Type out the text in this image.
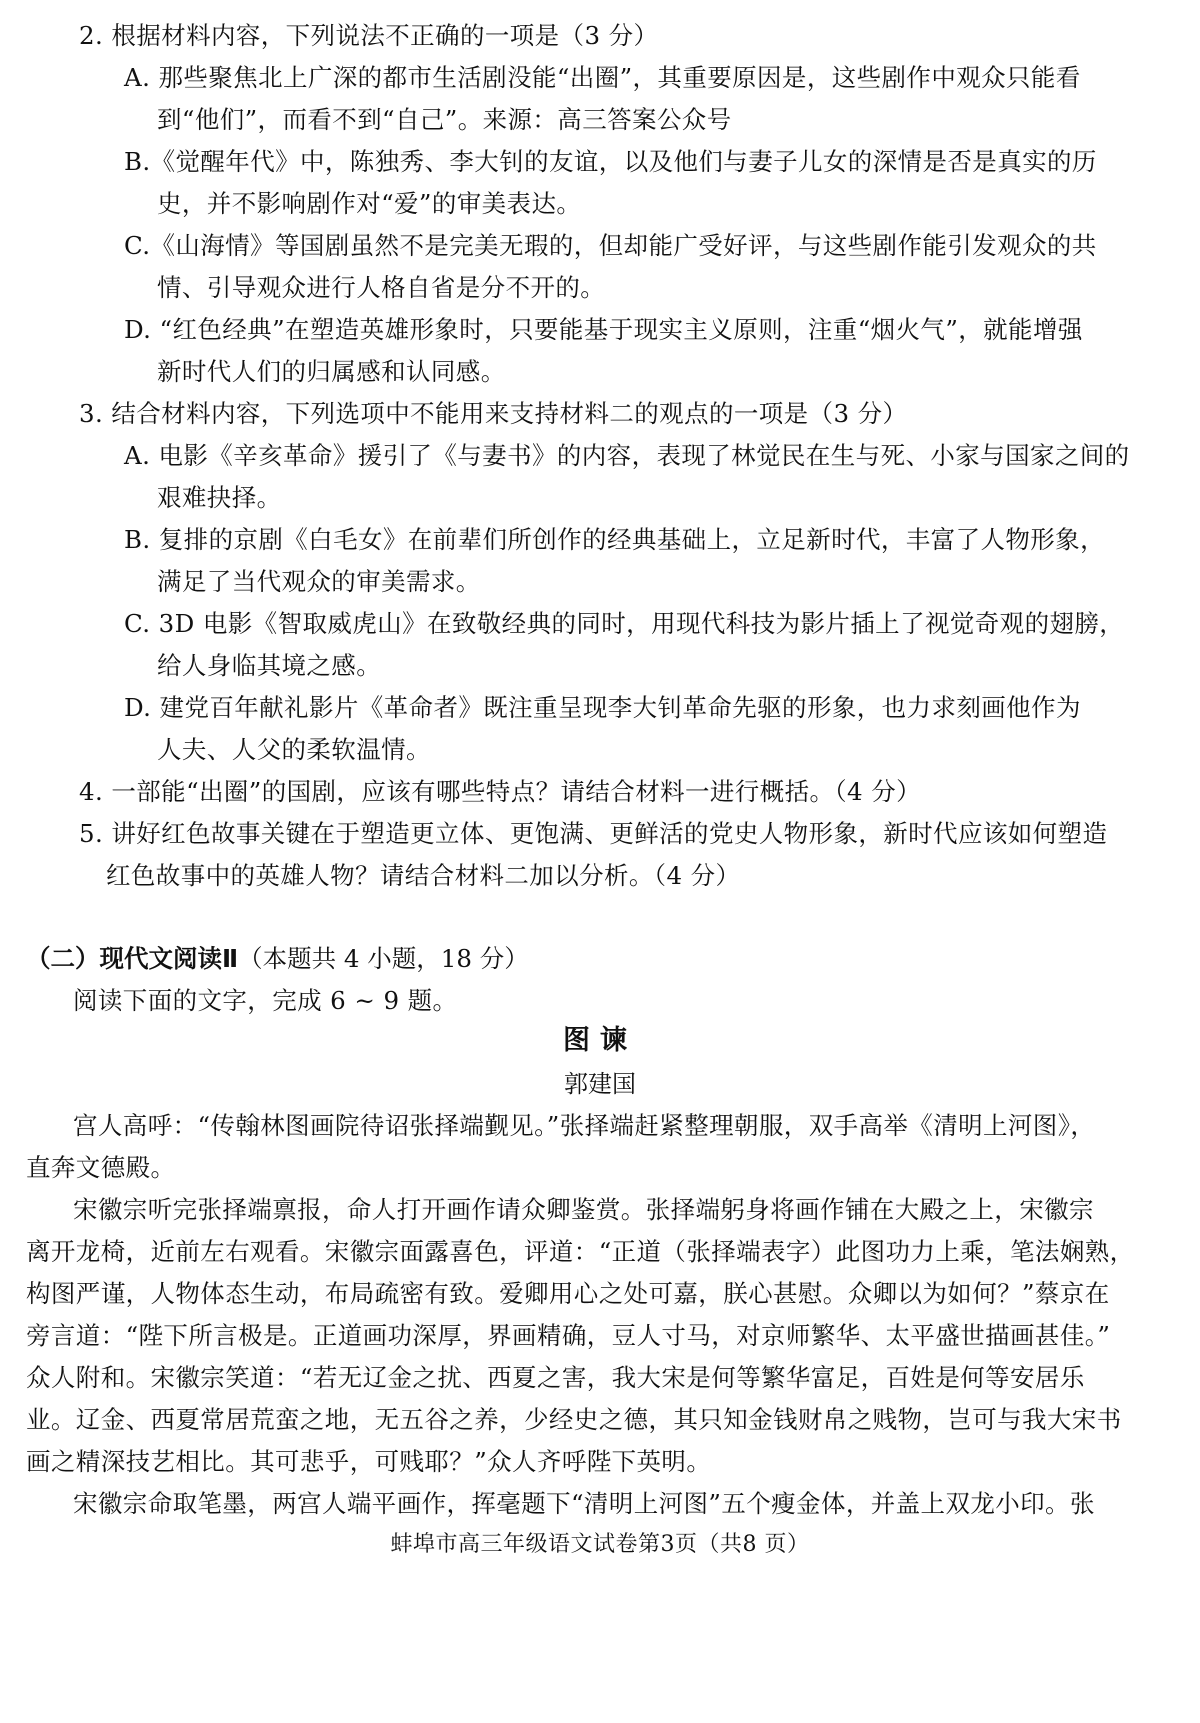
2. 根据材料内容，下列说法不正确的一项是（3 分）
A. 那些聚焦北上广深的都市生活剧没能“出圈”，其重要原因是，这些剧作中观众只能看
到“他们”，而看不到“自己”。来源：高三答案公众号
B.《觉醒年代》中，陈独秀、李大钊的友谊，以及他们与妻子儿女的深情是否是真实的历
史，并不影响剧作对“爱”的审美表达。
C.《山海情》等国剧虽然不是完美无瑕的，但却能广受好评，与这些剧作能引发观众的共
情、引导观众进行人格自省是分不开的。
D. “红色经典”在塑造英雄形象时，只要能基于现实主义原则，注重“烟火气”，就能增强
新时代人们的归属感和认同感。
3. 结合材料内容，下列选项中不能用来支持材料二的观点的一项是（3 分）
A. 电影《辛亥革命》援引了《与妻书》的内容，表现了林觉民在生与死、小家与国家之间的
艰难抉择。
B. 复排的京剧《白毛女》在前辈们所创作的经典基础上，立足新时代，丰富了人物形象，
满足了当代观众的审美需求。
C. 3D 电影《智取威虎山》在致敬经典的同时，用现代科技为影片插上了视觉奇观的翅膀，
给人身临其境之感。
D. 建党百年献礼影片《革命者》既注重呈现李大钊革命先驱的形象，也力求刻画他作为
人夫、人父的柔软温情。
4. 一部能“出圈”的国剧，应该有哪些特点？请结合材料一进行概括。（4 分）
5. 讲好红色故事关键在于塑造更立体、更饱满、更鲜活的党史人物形象，新时代应该如何塑造
红色故事中的英雄人物？请结合材料二加以分析。（4 分）
（二）现代文阅读Ⅱ（本题共 4 小题，18 分）
阅读下面的文字，完成 6 ~ 9 题。
图谏
郭建国
宫人高呼：“传翰林图画院待诏张择端觐见。”张择端赶紧整理朝服，双手高举《清明上河图》，
直奔文德殿。
宋徽宗听完张择端禀报，命人打开画作请众卿鉴赏。张择端躬身将画作铺在大殿之上，宋徽宗
离开龙椅，近前左右观看。宋徽宗面露喜色，评道：“正道（张择端表字）此图功力上乘，笔法娴熟，
构图严谨，人物体态生动，布局疏密有致。爱卿用心之处可嘉，朕心甚慰。众卿以为如何？”蔡京在
旁言道：“陛下所言极是。正道画功深厚，界画精确，豆人寸马，对京师繁华、太平盛世描画甚佳。”
众人附和。宋徽宗笑道：“若无辽金之扰、西夏之害，我大宋是何等繁华富足，百姓是何等安居乐
业。辽金、西夏常居荒蛮之地，无五谷之养，少经史之德，其只知金钱财帛之贱物，岂可与我大宋书
画之精深技艺相比。其可悲乎，可贱耶？”众人齐呼陛下英明。
宋徽宗命取笔墨，两宫人端平画作，挥毫题下“清明上河图”五个瘦金体，并盖上双龙小印。张
蚌埠市高三年级语文试卷第3页（共8 页）
